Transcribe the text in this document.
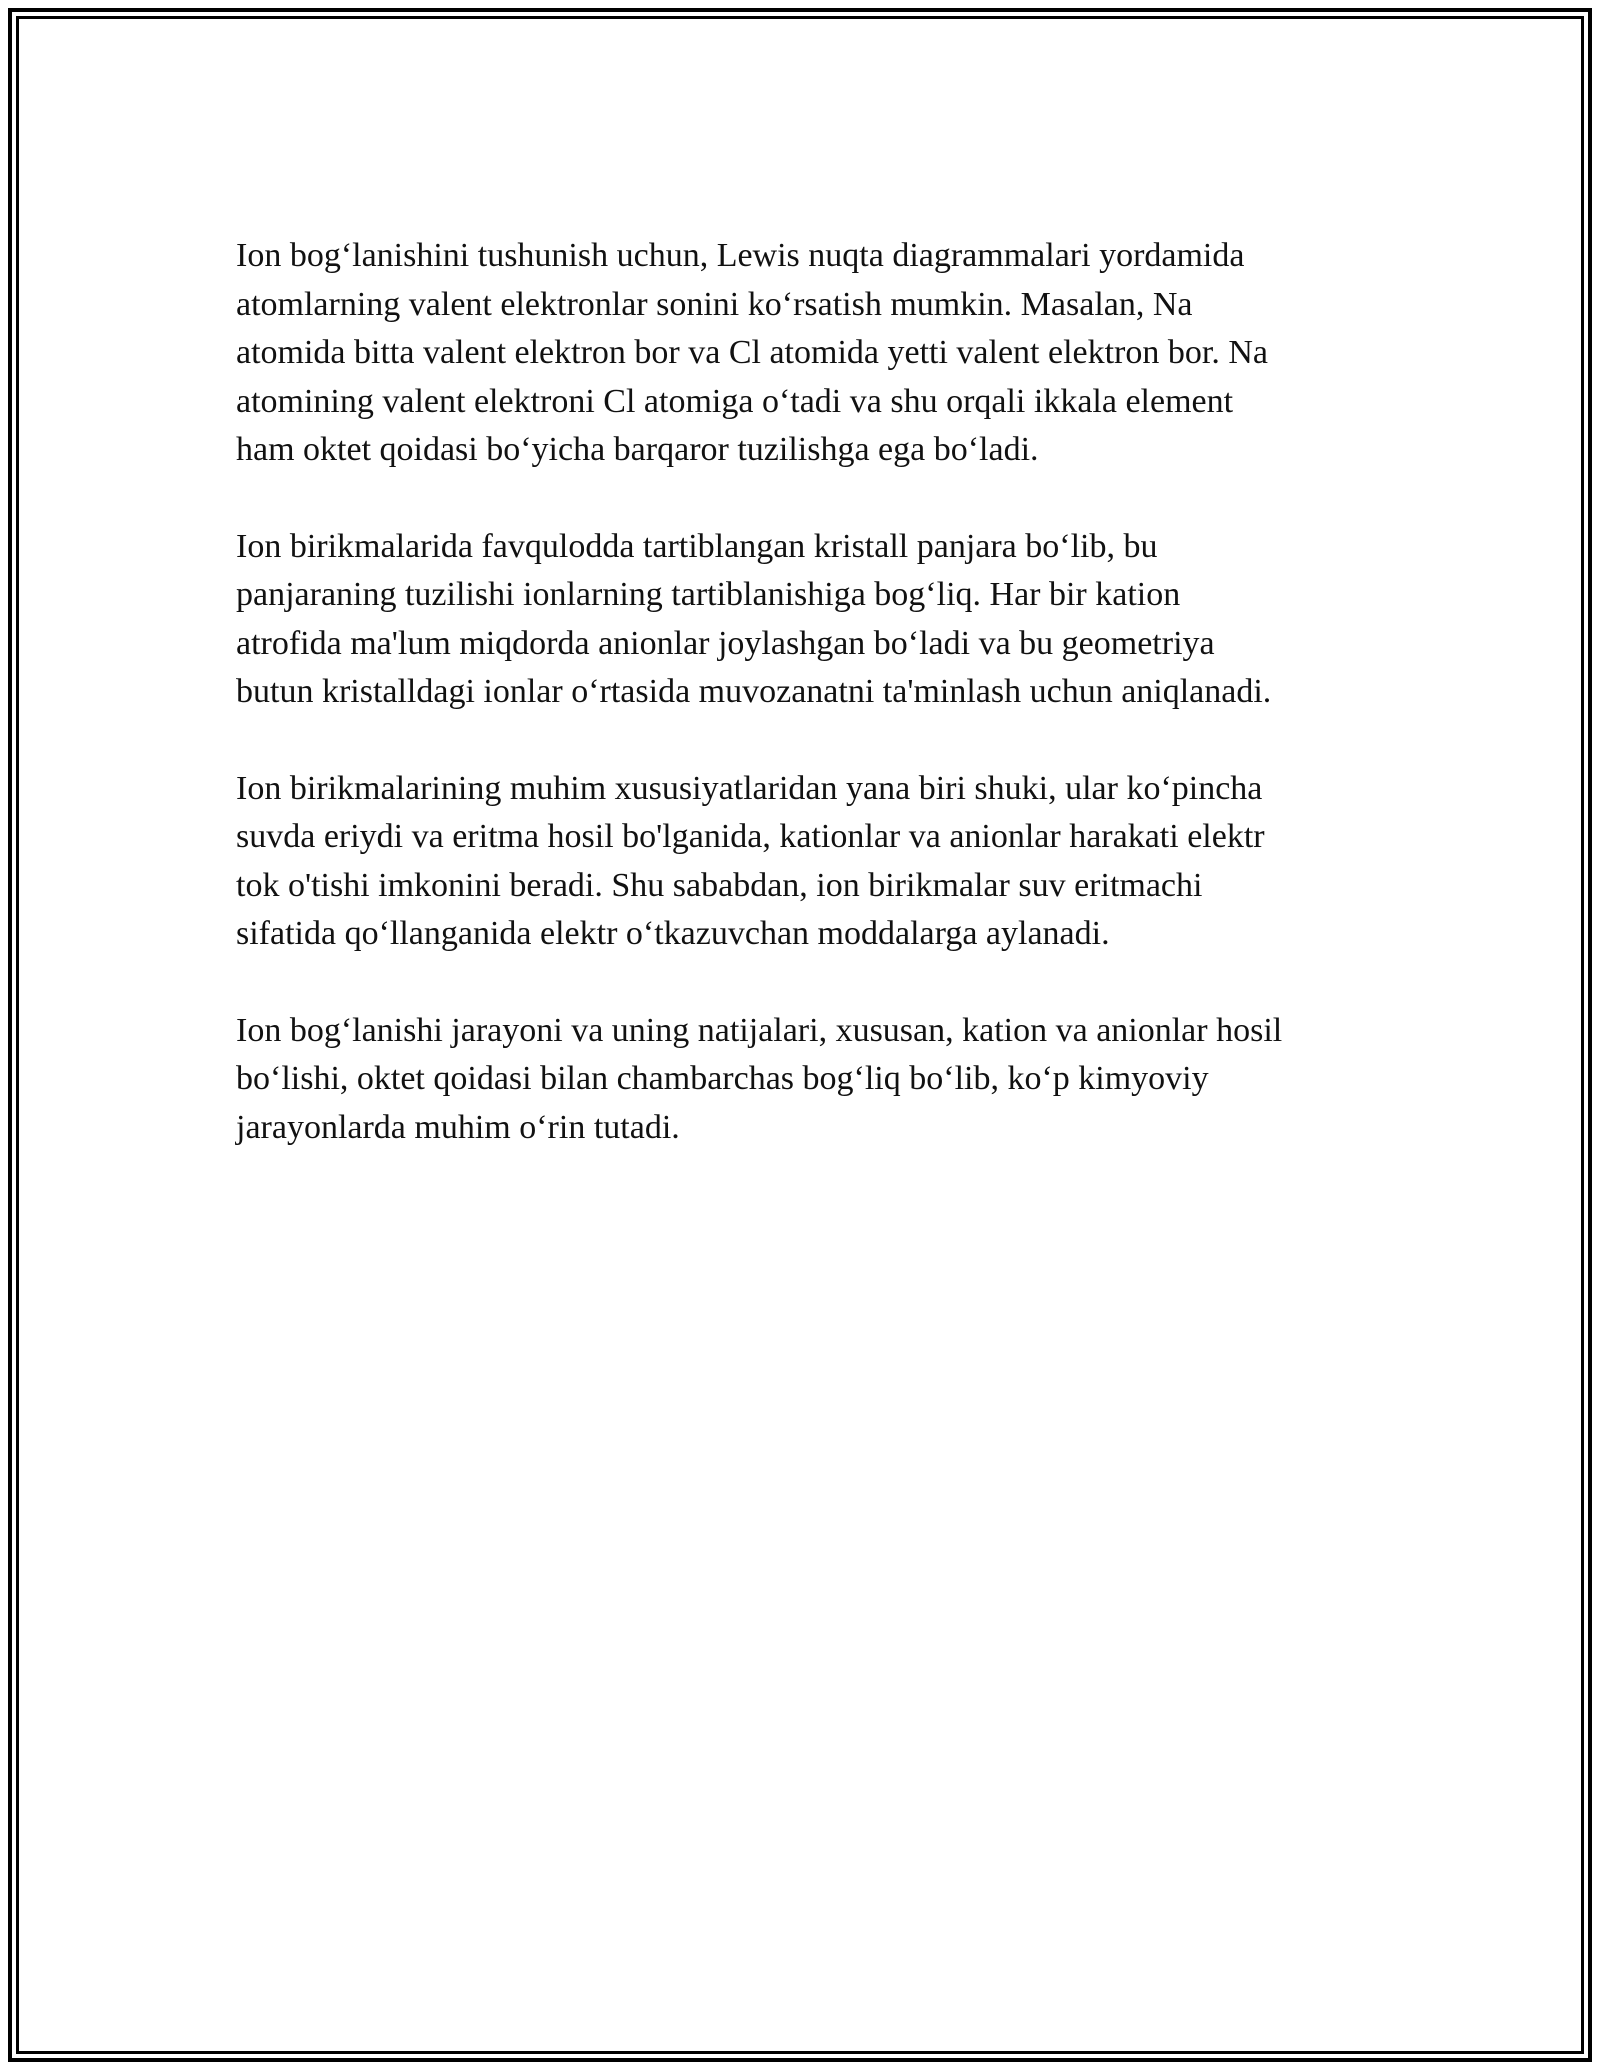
Ion bog‘lanishini tushunish uchun, Lewis nuqta diagrammalari yordamida
atomlarning valent elektronlar sonini ko‘rsatish mumkin. Masalan, Na
atomida bitta valent elektron bor va Cl atomida yetti valent elektron bor. Na
atomining valent elektroni Cl atomiga o‘tadi va shu orqali ikkala element
ham oktet qoidasi bo‘yicha barqaror tuzilishga ega bo‘ladi.

Ion birikmalarida favqulodda tartiblangan kristall panjara bo‘lib, bu
panjaraning tuzilishi ionlarning tartiblanishiga bog‘liq. Har bir kation
atrofida ma'lum miqdorda anionlar joylashgan bo‘ladi va bu geometriya
butun kristalldagi ionlar o‘rtasida muvozanatni ta'minlash uchun aniqlanadi.

Ion birikmalarining muhim xususiyatlaridan yana biri shuki, ular ko‘pincha
suvda eriydi va eritma hosil bo'lganida, kationlar va anionlar harakati elektr
tok o'tishi imkonini beradi. Shu sababdan, ion birikmalar suv eritmachi
sifatida qo‘llanganida elektr o‘tkazuvchan moddalarga aylanadi.

Ion bog‘lanishi jarayoni va uning natijalari, xususan, kation va anionlar hosil
bo‘lishi, oktet qoidasi bilan chambarchas bog‘liq bo‘lib, ko‘p kimyoviy
jarayonlarda muhim o‘rin tutadi.
